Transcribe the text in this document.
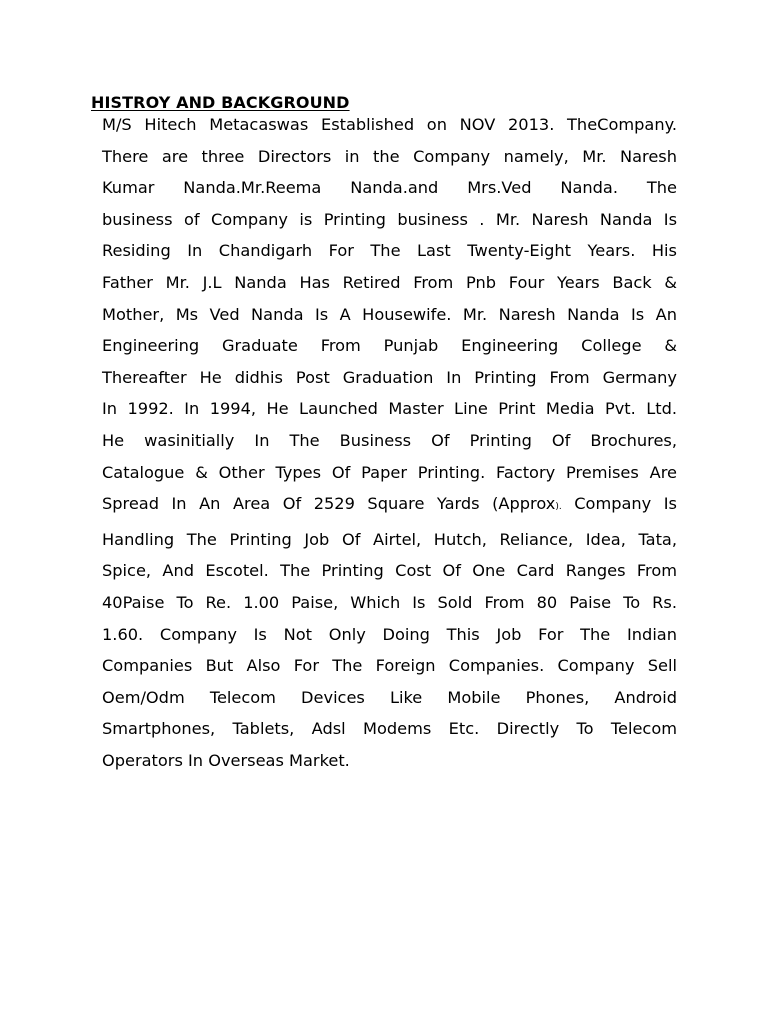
HISTROY AND BACKGROUND
M/S Hitech Metacaswas Established on NOV 2013. TheCompany.
There are three Directors in the Company namely, Mr. Naresh
Kumar Nanda.Mr.Reema Nanda.and Mrs.Ved Nanda. The
business of Company is Printing business . Mr. Naresh Nanda Is
Residing In Chandigarh For The Last Twenty-Eight Years. His
Father Mr. J.L Nanda Has Retired From Pnb Four Years Back &
Mother, Ms Ved Nanda Is A Housewife. Mr. Naresh Nanda Is An
Engineering Graduate From Punjab Engineering College &
Thereafter He didhis Post Graduation In Printing From Germany
In 1992. In 1994, He Launched Master Line Print Media Pvt. Ltd.
He wasinitially In The Business Of Printing Of Brochures,
Catalogue & Other Types Of Paper Printing. Factory Premises Are
Spread In An Area Of 2529 Square Yards (Approx). Company Is
Handling The Printing Job Of Airtel, Hutch, Reliance, Idea, Tata,
Spice, And Escotel. The Printing Cost Of One Card Ranges From
40Paise To Re. 1.00 Paise, Which Is Sold From 80 Paise To Rs.
1.60. Company Is Not Only Doing This Job For The Indian
Companies But Also For The Foreign Companies. Company Sell
Oem/Odm Telecom Devices Like Mobile Phones, Android
Smartphones, Tablets, Adsl Modems Etc. Directly To Telecom
Operators In Overseas Market.
